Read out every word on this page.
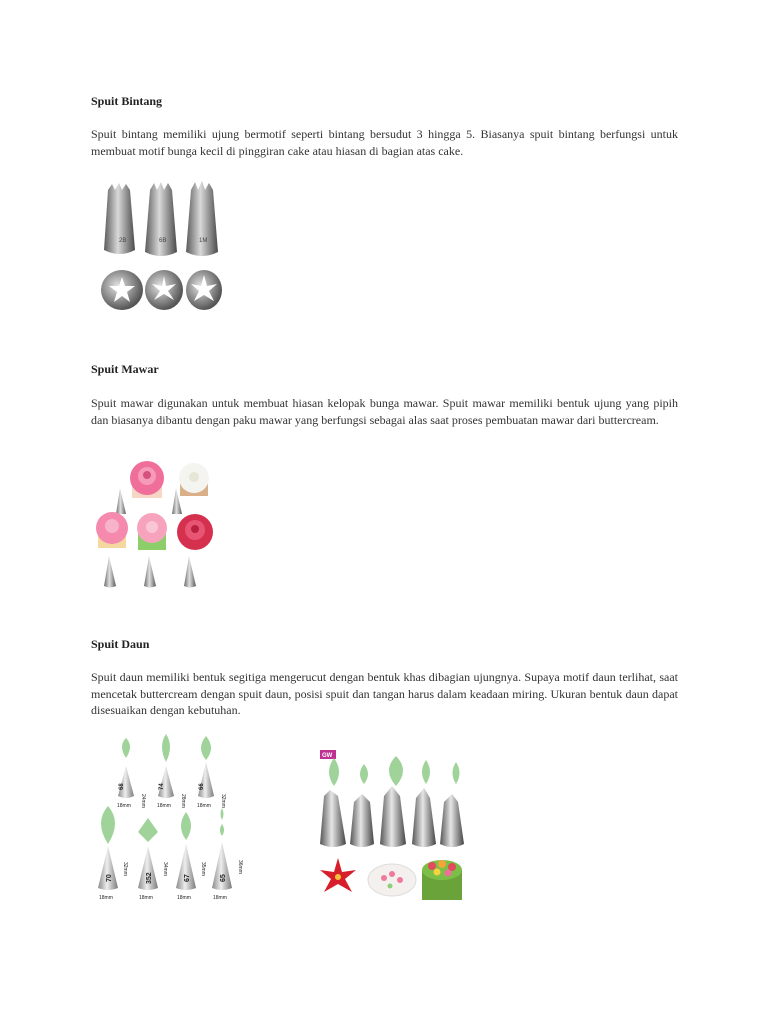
Spuit Bintang

Spuit bintang memiliki ujung bermotif seperti bintang bersudut 3 hingga 5. Biasanya spuit bintang berfungsi untuk membuat motif bunga kecil di pinggiran cake atau hiasan di bagian atas cake.

2B	6B	1M
Spuit Mawar

Spuit mawar digunakan untuk membuat hiasan kelopak bunga mawar. Spuit mawar memiliki bentuk ujung yang pipih dan biasanya dibantu dengan paku mawar yang berfungsi sebagai alas saat proses pembuatan mawar dari buttercream.

Spuit Daun

Spuit daun memiliki bentuk segitiga mengerucut dengan bentuk khas dibagian ujungnya. Supaya motif daun terlihat, saat mencetak buttercream dengan spuit daun, posisi spuit dan tangan harus dalam keadaan miring. Ukuran bentuk daun dapat disesuaikan dengan kebutuhan.

68	74	66
24mm	28mm	32mm
18mm	18mm	18mm
70	352	67	65
32mm	34mm	35mm	36mm
18mm	18mm	18mm	18mm
GW
